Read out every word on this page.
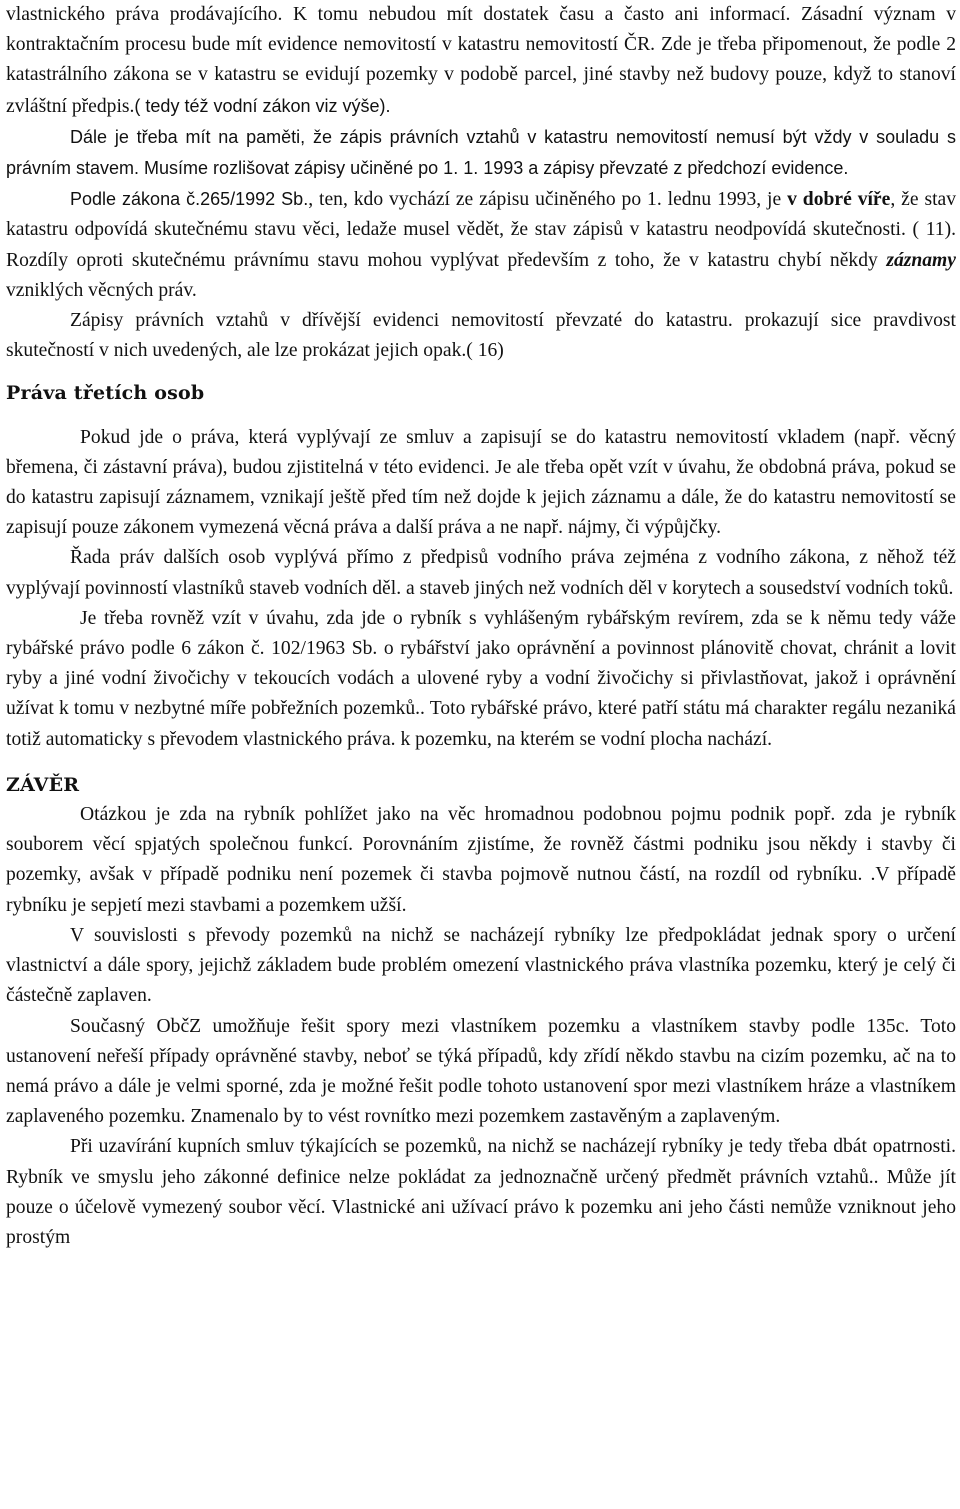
vlastnického práva prodávajícího. K tomu nebudou mít dostatek času a často ani informací. Zásadní význam v kontraktačním procesu bude mít evidence nemovitostí v katastru nemovitostí ČR. Zde je třeba připomenout, že podle 2 katastrálního zákona se v katastru se evidují pozemky v podobě parcel, jiné stavby než budovy pouze, když to stanoví zvláštní předpis.( tedy též vodní zákon viz výše).

Dále je třeba mít na paměti, že zápis právních vztahů v katastru nemovitostí nemusí být vždy v souladu s právním stavem. Musíme rozlišovat zápisy učiněné po 1. 1. 1993 a zápisy převzaté z předchozí evidence.

Podle zákona č.265/1992 Sb., ten, kdo vychází ze zápisu učiněného po 1. lednu 1993, je v dobré víře, že stav katastru odpovídá skutečnému stavu věci, ledaže musel vědět, že stav zápisů v katastru neodpovídá skutečnosti. ( 11). Rozdíly oproti skutečnému právnímu stavu mohou vyplývat především z toho, že v katastru chybí někdy záznamy vzniklých věcných práv.

Zápisy právních vztahů v dřívější evidenci nemovitostí převzaté do katastru. prokazují sice pravdivost skutečností v nich uvedených, ale lze prokázat jejich opak.( 16)

Práva třetích osob

Pokud jde o práva, která vyplývají ze smluv a zapisují se do katastru nemovitostí vkladem (např. věcný břemena, či zástavní práva), budou zjistitelná v této evidenci. Je ale třeba opět vzít v úvahu, že obdobná práva, pokud se do katastru zapisují záznamem, vznikají ještě před tím než dojde k jejich záznamu a dále, že do katastru nemovitostí se zapisují pouze zákonem vymezená věcná práva a další práva a ne např. nájmy, či výpůjčky.

Řada práv dalších osob vyplývá přímo z předpisů vodního práva zejména z vodního zákona, z něhož též vyplývají povinností vlastníků staveb vodních děl. a staveb jiných než vodních děl v korytech a sousedství vodních toků.

Je třeba rovněž vzít v úvahu, zda jde o rybník s vyhlášeným rybářským revírem, zda se k němu tedy váže rybářské právo podle 6 zákon č. 102/1963 Sb. o rybářství jako oprávnění a povinnost plánovitě chovat, chránit a lovit ryby a jiné vodní živočichy v tekoucích vodách a ulovené ryby a vodní živočichy si přivlastňovat, jakož i oprávnění užívat k tomu v nezbytné míře pobřežních pozemků.. Toto rybářské právo, které patří státu má charakter regálu nezaniká totiž automaticky s převodem vlastnického práva. k pozemku, na kterém se vodní plocha nachází.

ZÁVĚR

Otázkou je zda na rybník pohlížet jako na věc hromadnou podobnou pojmu podnik popř. zda je rybník souborem věcí spjatých společnou funkcí. Porovnáním zjistíme, že rovněž částmi podniku jsou někdy i stavby či pozemky, avšak v případě podniku není pozemek či stavba pojmově nutnou částí, na rozdíl od rybníku. .V případě rybníku je sepjetí mezi stavbami a pozemkem užší.

V souvislosti s převody pozemků na nichž se nacházejí rybníky lze předpokládat jednak spory o určení vlastnictví a dále spory, jejichž základem bude problém omezení vlastnického práva vlastníka pozemku, který je celý či částečně zaplaven.

Současný ObčZ umožňuje řešit spory mezi vlastníkem pozemku a vlastníkem stavby podle 135c. Toto ustanovení neřeší případy oprávněné stavby, neboť se týká případů, kdy zřídí někdo stavbu na cizím pozemku, ač na to nemá právo a dále je velmi sporné, zda je možné řešit podle tohoto ustanovení spor mezi vlastníkem hráze a vlastníkem zaplaveného pozemku. Znamenalo by to vést rovnítko mezi pozemkem zastavěným a zaplaveným.

Při uzavírání kupních smluv týkajících se pozemků, na nichž se nacházejí rybníky je tedy třeba dbát opatrnosti. Rybník ve smyslu jeho zákonné definice nelze pokládat za jednoznačně určený předmět právních vztahů.. Může jít pouze o účelově vymezený soubor věcí. Vlastnické ani užívací právo k pozemku ani jeho části nemůže vzniknout jeho prostým
